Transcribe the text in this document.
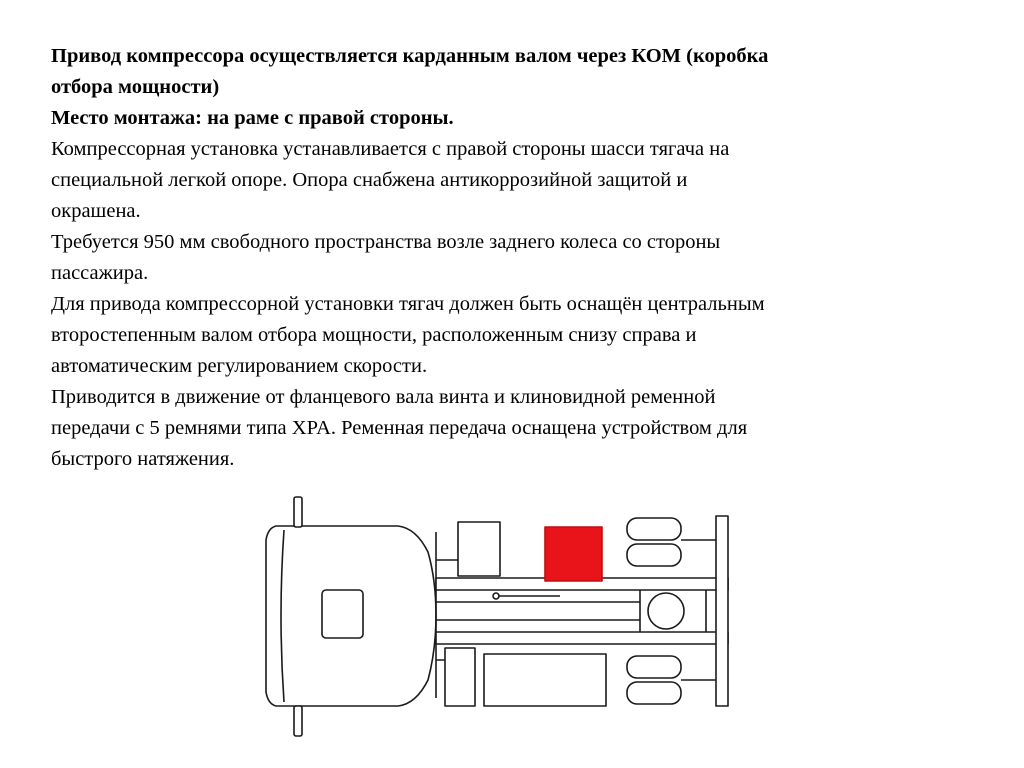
Привод компрессора осуществляется карданным валом через КОМ (коробка

отбора мощности)

Место монтажа: на раме с правой стороны.

Компрессорная установка устанавливается с правой стороны шасси тягача на

специальной легкой опоре. Опора снабжена антикоррозийной защитой и

окрашена.

Требуется 950 мм свободного пространства возле заднего колеса со стороны

пассажира.

Для привода компрессорной установки тягач должен быть оснащён центральным

второстепенным валом отбора мощности, расположенным снизу справа и

автоматическим регулированием скорости.

Приводится в движение от фланцевого вала винта и клиновидной ременной

передачи с 5 ремнями типа XPA. Ременная передача оснащена устройством для

быстрого натяжения.
